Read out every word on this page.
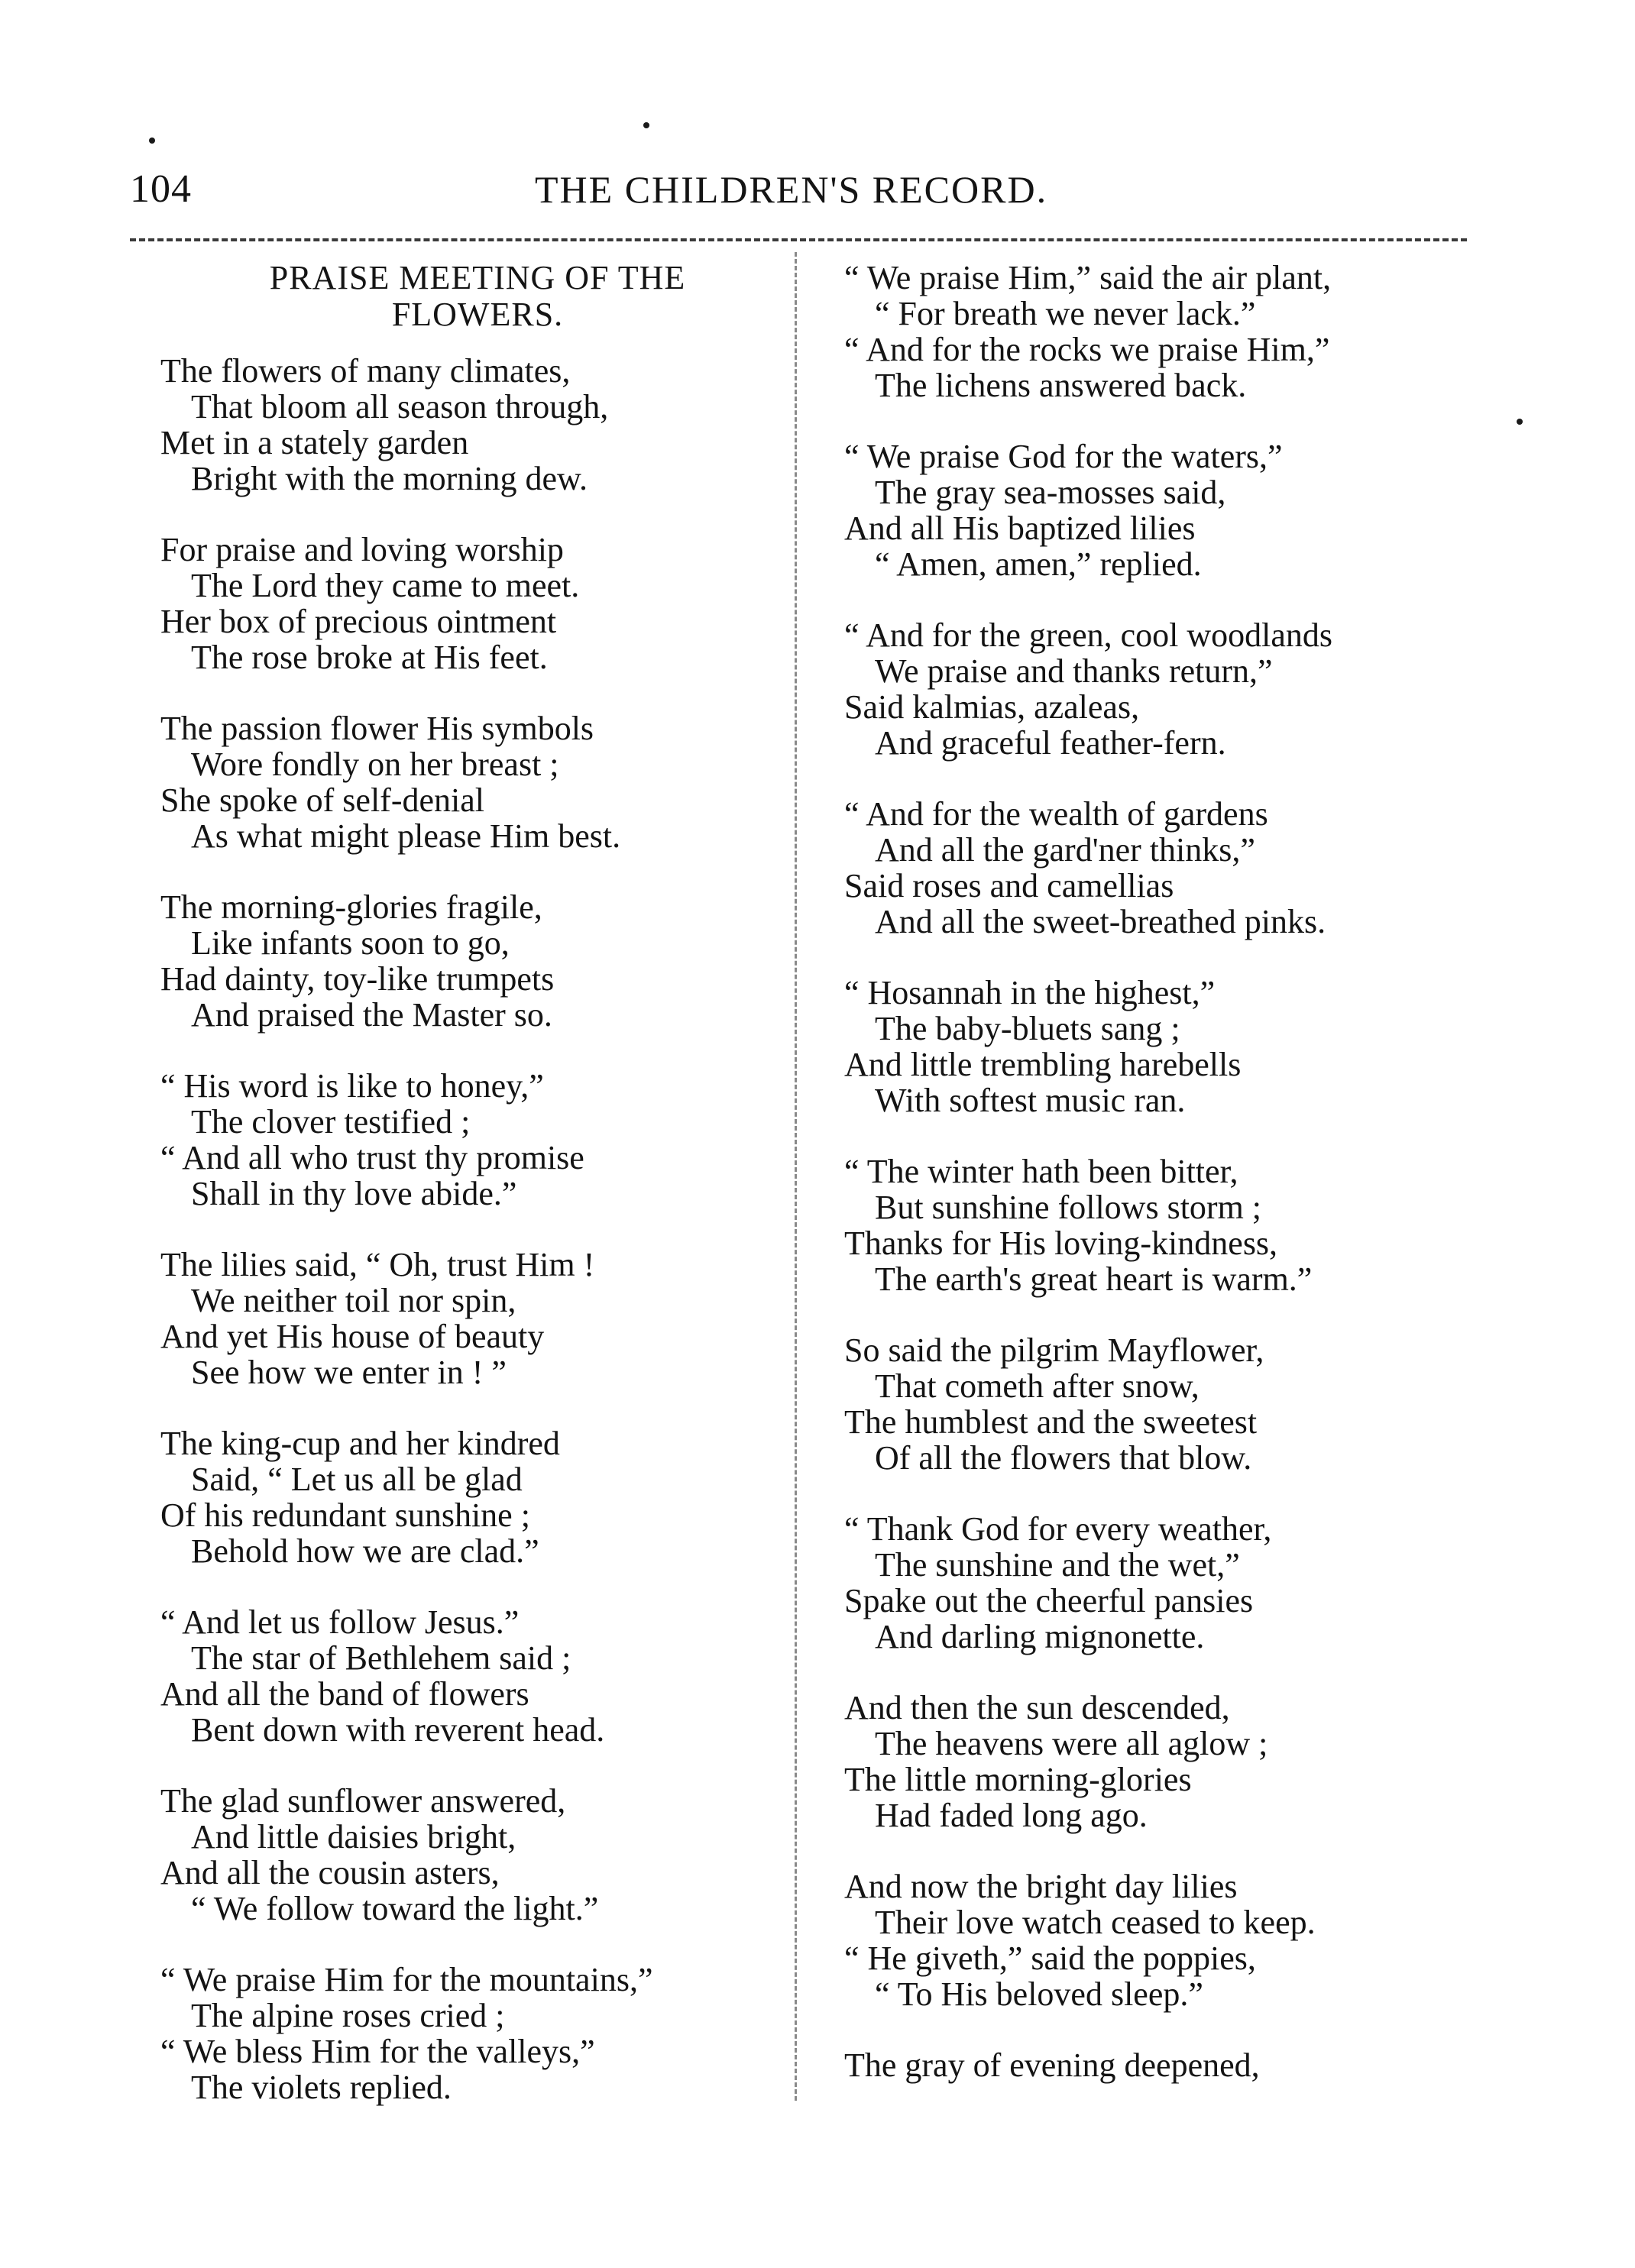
104	THE CHILDREN'S RECORD.
PRAISE MEETING OF THE FLOWERS.
The flowers of many climates,
That bloom all season through,
Met in a stately garden
Bright with the morning dew.
For praise and loving worship
The Lord they came to meet.
Her box of precious ointment
The rose broke at His feet.
The passion flower His symbols
Wore fondly on her breast ;
She spoke of self-denial
As what might please Him best.
The morning-glories fragile,
Like infants soon to go,
Had dainty, toy-like trumpets
And praised the Master so.
“ His word is like to honey,”
The clover testified ;
“ And all who trust thy promise
Shall in thy love abide.”
The lilies said, “ Oh, trust Him !
We neither toil nor spin,
And yet His house of beauty
See how we enter in ! ”
The king-cup and her kindred
Said, “ Let us all be glad
Of his redundant sunshine ;
Behold how we are clad.”
“ And let us follow Jesus.”
The star of Bethlehem said ;
And all the band of flowers
Bent down with reverent head.
The glad sunflower answered,
And little daisies bright,
And all the cousin asters,
“ We follow toward the light.”
“ We praise Him for the mountains,”
The alpine roses cried ;
“ We bless Him for the valleys,”
The violets replied.
“ We praise Him,” said the air plant,
“ For breath we never lack.”
“ And for the rocks we praise Him,”
The lichens answered back.
“ We praise God for the waters,”
The gray sea-mosses said,
And all His baptized lilies
“ Amen, amen,” replied.
“ And for the green, cool woodlands
We praise and thanks return,”
Said kalmias, azaleas,
And graceful feather-fern.
“ And for the wealth of gardens
And all the gard'ner thinks,”
Said roses and camellias
And all the sweet-breathed pinks.
“ Hosannah in the highest,”
The baby-bluets sang ;
And little trembling harebells
With softest music ran.
“ The winter hath been bitter,
But sunshine follows storm ;
Thanks for His loving-kindness,
The earth's great heart is warm.”
So said the pilgrim Mayflower,
That cometh after snow,
The humblest and the sweetest
Of all the flowers that blow.
“ Thank God for every weather,
The sunshine and the wet,”
Spake out the cheerful pansies
And darling mignonette.
And then the sun descended,
The heavens were all aglow ;
The little morning-glories
Had faded long ago.
And now the bright day lilies
Their love watch ceased to keep.
“ He giveth,” said the poppies,
“ To His beloved sleep.”
The gray of evening deepened,
